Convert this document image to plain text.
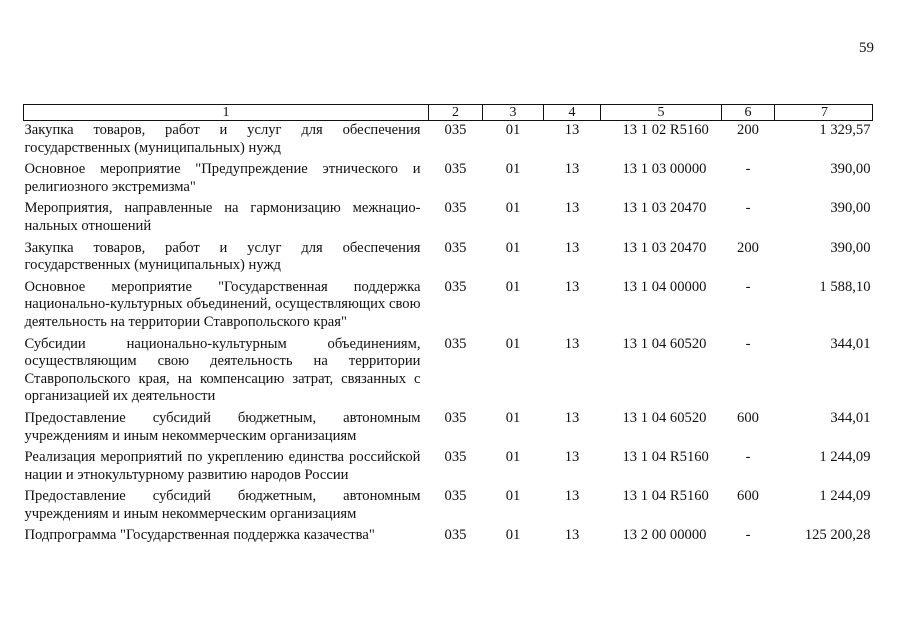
59
1	2	3	4	5	6	7
Закупка товаров, работ и услуг для обеспечения государственных (муниципальных) нужд	035	01	13	13 1 02 R5160	200	1 329,57
Основное мероприятие "Предупреждение этнического и религиозного экстремизма"	035	01	13	13 1 03 00000	-	390,00
Мероприятия, направленные на гармонизацию межнацио-нальных отношений	035	01	13	13 1 03 20470	-	390,00
Закупка товаров, работ и услуг для обеспечения государственных (муниципальных) нужд	035	01	13	13 1 03 20470	200	390,00
Основное мероприятие "Государственная поддержка национально-культурных объединений, осуществляющих свою деятельность на территории Ставропольского края"	035	01	13	13 1 04 00000	-	1 588,10
Субсидии национально-культурным объединениям, осуществляющим свою деятельность на территории Ставропольского края, на компенсацию затрат, связанных с организацией их деятельности	035	01	13	13 1 04 60520	-	344,01
Предоставление субсидий бюджетным, автономным учреждениям и иным некоммерческим организациям	035	01	13	13 1 04 60520	600	344,01
Реализация мероприятий по укреплению единства российской нации и этнокультурному развитию народов России	035	01	13	13 1 04 R5160	-	1 244,09
Предоставление субсидий бюджетным, автономным учреждениям и иным некоммерческим организациям	035	01	13	13 1 04 R5160	600	1 244,09
Подпрограмма "Государственная поддержка казачества"	035	01	13	13 2 00 00000	-	125 200,28
